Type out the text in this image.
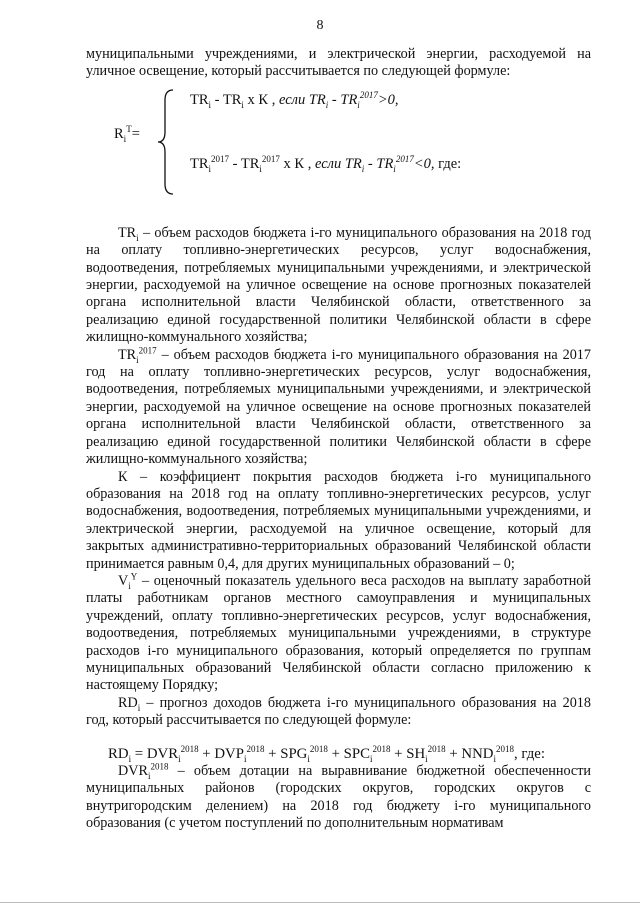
8

муниципальными учреждениями, и электрической энергии, расходуемой на уличное освещение, который рассчитывается по следующей формуле:

$R_i^T=$
$TR_i - TR_i$ х К , если $TR_i - TR_i^{2017}>0$,
$TR_i^{2017} - TR_i^{2017}$ х К , если $TR_i - TR_i^{2017}<0$, где:

$TR_i$ – объем расходов бюджета i-го муниципального образования на 2018 год на оплату топливно-энергетических ресурсов, услуг водоснабжения, водоотведения, потребляемых муниципальными учреждениями, и электрической энергии, расходуемой на уличное освещение на основе прогнозных показателей органа исполнительной власти Челябинской области, ответственного за реализацию единой государственной политики Челябинской области в сфере жилищно-коммунального хозяйства;

$TR_i^{2017}$ – объем расходов бюджета i-го муниципального образования на 2017 год на оплату топливно-энергетических ресурсов, услуг водоснабжения, водоотведения, потребляемых муниципальными учреждениями, и электрической энергии, расходуемой на уличное освещение на основе прогнозных показателей органа исполнительной власти Челябинской области, ответственного за реализацию единой государственной политики Челябинской области в сфере жилищно-коммунального хозяйства;

К – коэффициент покрытия расходов бюджета i-го муниципального образования на 2018 год на оплату топливно-энергетических ресурсов, услуг водоснабжения, водоотведения, потребляемых муниципальными учреждениями, и электрической энергии, расходуемой на уличное освещение, который для закрытых административно-территориальных образований Челябинской области принимается равным 0,4, для других муниципальных образований – 0;

$V_i^Y$ – оценочный показатель удельного веса расходов на выплату заработной платы работникам органов местного самоуправления и муниципальных учреждений, оплату топливно-энергетических ресурсов, услуг водоснабжения, водоотведения, потребляемых муниципальными учреждениями, в структуре расходов i-го муниципального образования, который определяется по группам муниципальных образований Челябинской области согласно приложению к настоящему Порядку;

$RD_i$ – прогноз доходов бюджета i-го муниципального образования на 2018 год, который рассчитывается по следующей формуле:

$RD_i = DVR_i^{2018} + DVP_i^{2018} + SPG_i^{2018} + SPC_i^{2018} + SH_i^{2018} + NND_i^{2018}$, где:

$DVR_i^{2018}$ – объем дотации на выравнивание бюджетной обеспеченности муниципальных районов (городских округов, городских округов с внутригородским делением) на 2018 год бюджету i-го муниципального образования (с учетом поступлений по дополнительным нормативам
